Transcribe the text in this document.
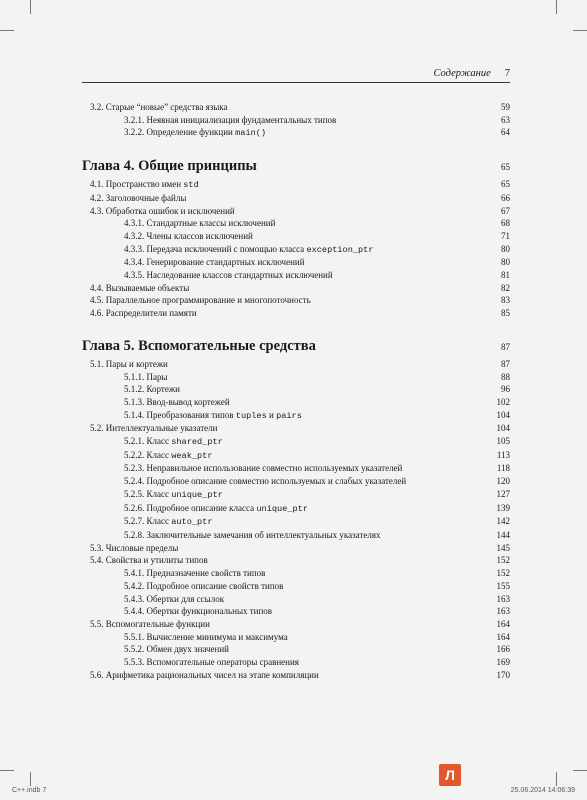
Содержание 7
3.2. Старые “новые” средства языка	59
3.2.1. Неявная инициализация фундаментальных типов	63
3.2.2. Определение функции main()	64
Глава 4. Общие принципы	65
4.1. Пространство имен std	65
4.2. Заголовочные файлы	66
4.3. Обработка ошибок и исключений	67
4.3.1. Стандартные классы исключений	68
4.3.2. Члены классов исключений	71
4.3.3. Передача исключений с помощью класса exception_ptr	80
4.3.4. Генерирование стандартных исключений	80
4.3.5. Наследование классов стандартных исключений	81
4.4. Вызываемые объекты	82
4.5. Параллельное программирование и многопоточность	83
4.6. Распределители памяти	85
Глава 5. Вспомогательные средства	87
5.1. Пары и кортежи	87
5.1.1. Пары	88
5.1.2. Кортежи	96
5.1.3. Ввод-вывод кортежей	102
5.1.4. Преобразования типов tuples и pairs	104
5.2. Интеллектуальные указатели	104
5.2.1. Класс shared_ptr	105
5.2.2. Класс weak_ptr	113
5.2.3. Неправильное использование совместно используемых указателей	118
5.2.4. Подробное описание совместно используемых и слабых указателей	120
5.2.5. Класс unique_ptr	127
5.2.6. Подробное описание класса unique_ptr	139
5.2.7. Класс auto_ptr	142
5.2.8. Заключительные замечания об интеллектуальных указателях	144
5.3. Числовые пределы	145
5.4. Свойства и утилиты типов	152
5.4.1. Предназначение свойств типов	152
5.4.2. Подробное описание свойств типов	155
5.4.3. Обертки для ссылок	163
5.4.4. Обертки функциональных типов	163
5.5. Вспомогательные функции	164
5.5.1. Вычисление минимума и максимума	164
5.5.2. Обмен двух значений	166
5.5.3. Вспомогательные операторы сравнения	169
5.6. Арифметика рациональных чисел на этапе компиляции	170
Л
C++.indb 7	25.06.2014 14:06:39
